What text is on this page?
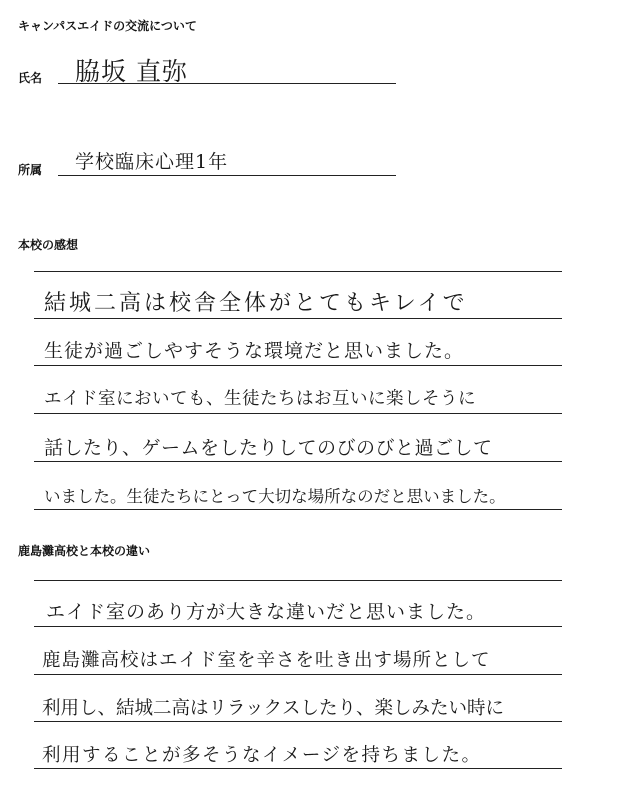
キャンパスエイドの交流について
氏名 脇坂 直弥
所属 学校臨床心理1年
本校の感想
結城二高は校舎全体がとてもキレイで
生徒が過ごしやすそうな環境だと思いました。
エイド室においても、生徒たちはお互いに楽しそうに
話したり、ゲームをしたりしてのびのびと過ごして
いました。生徒たちにとって大切な場所なのだと思いました。
鹿島灘高校と本校の違い
エイド室のあり方が大きな違いだと思いました。
鹿島灘高校はエイド室を辛さを吐き出す場所として
利用し、結城二高はリラックスしたり、楽しみたい時に
利用することが多そうなイメージを持ちました。
